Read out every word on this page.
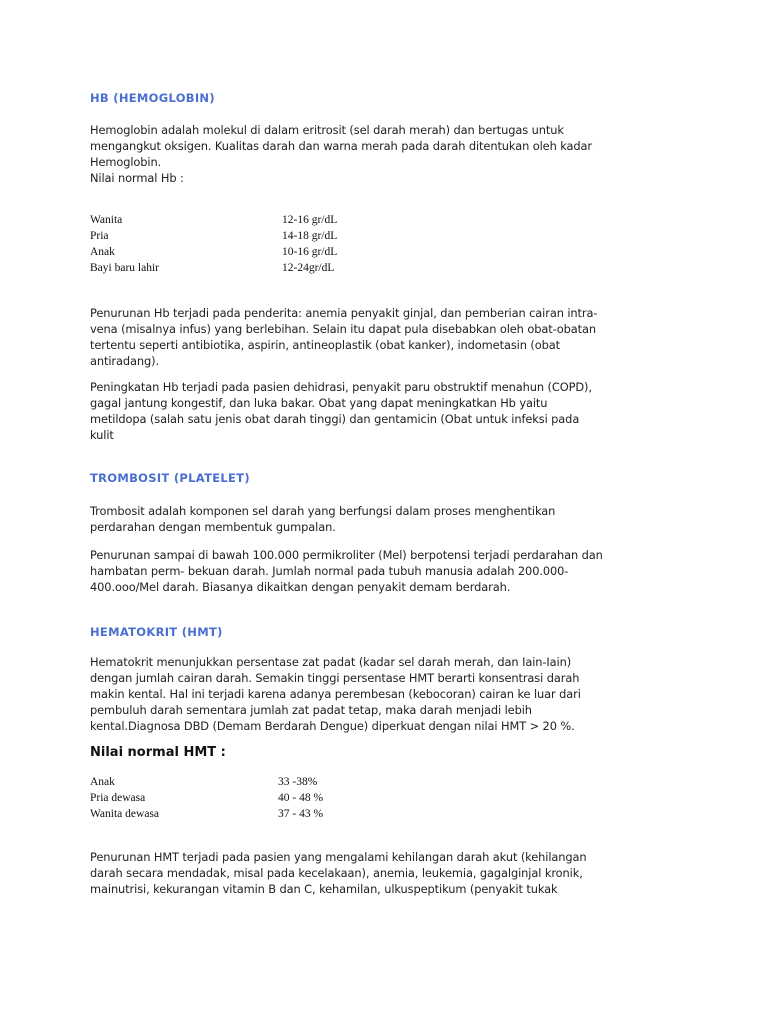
HB (HEMOGLOBIN)
Hemoglobin adalah molekul di dalam eritrosit (sel darah merah) dan bertugas untuk
mengangkut oksigen. Kualitas darah dan warna merah pada darah ditentukan oleh kadar
Hemoglobin.
Nilai normal Hb :
Wanita	12-16 gr/dL
Pria	14-18 gr/dL
Anak	10-16 gr/dL
Bayi baru lahir	12-24gr/dL
Penurunan Hb terjadi pada penderita: anemia penyakit ginjal, dan pemberian cairan intra-
vena (misalnya infus) yang berlebihan. Selain itu dapat pula disebabkan oleh obat-obatan
tertentu seperti antibiotika, aspirin, antineoplastik (obat kanker), indometasin (obat
antiradang).
Peningkatan Hb terjadi pada pasien dehidrasi, penyakit paru obstruktif menahun (COPD),
gagal jantung kongestif, dan luka bakar. Obat yang dapat meningkatkan Hb yaitu
metildopa (salah satu jenis obat darah tinggi) dan gentamicin (Obat untuk infeksi pada
kulit
TROMBOSIT (PLATELET)
Trombosit adalah komponen sel darah yang berfungsi dalam proses menghentikan
perdarahan dengan membentuk gumpalan.
Penurunan sampai di bawah 100.000 permikroliter (Mel) berpotensi terjadi perdarahan dan
hambatan perm- bekuan darah. Jumlah normal pada tubuh manusia adalah 200.000-
400.ooo/Mel darah. Biasanya dikaitkan dengan penyakit demam berdarah.
HEMATOKRIT (HMT)
Hematokrit menunjukkan persentase zat padat (kadar sel darah merah, dan Iain-Iain)
dengan jumlah cairan darah. Semakin tinggi persentase HMT berarti konsentrasi darah
makin kental. Hal ini terjadi karena adanya perembesan (kebocoran) cairan ke luar dari
pembuluh darah sementara jumlah zat padat tetap, maka darah menjadi lebih
kental.Diagnosa DBD (Demam Berdarah Dengue) diperkuat dengan nilai HMT > 20 %.
Nilai normal HMT :
Anak	33 -38%
Pria dewasa	40 - 48 %
Wanita dewasa	37 - 43 %
Penurunan HMT terjadi pada pasien yang mengalami kehilangan darah akut (kehilangan
darah secara mendadak, misal pada kecelakaan), anemia, leukemia, gagalginjal kronik,
mainutrisi, kekurangan vitamin B dan C, kehamilan, ulkuspeptikum (penyakit tukak
